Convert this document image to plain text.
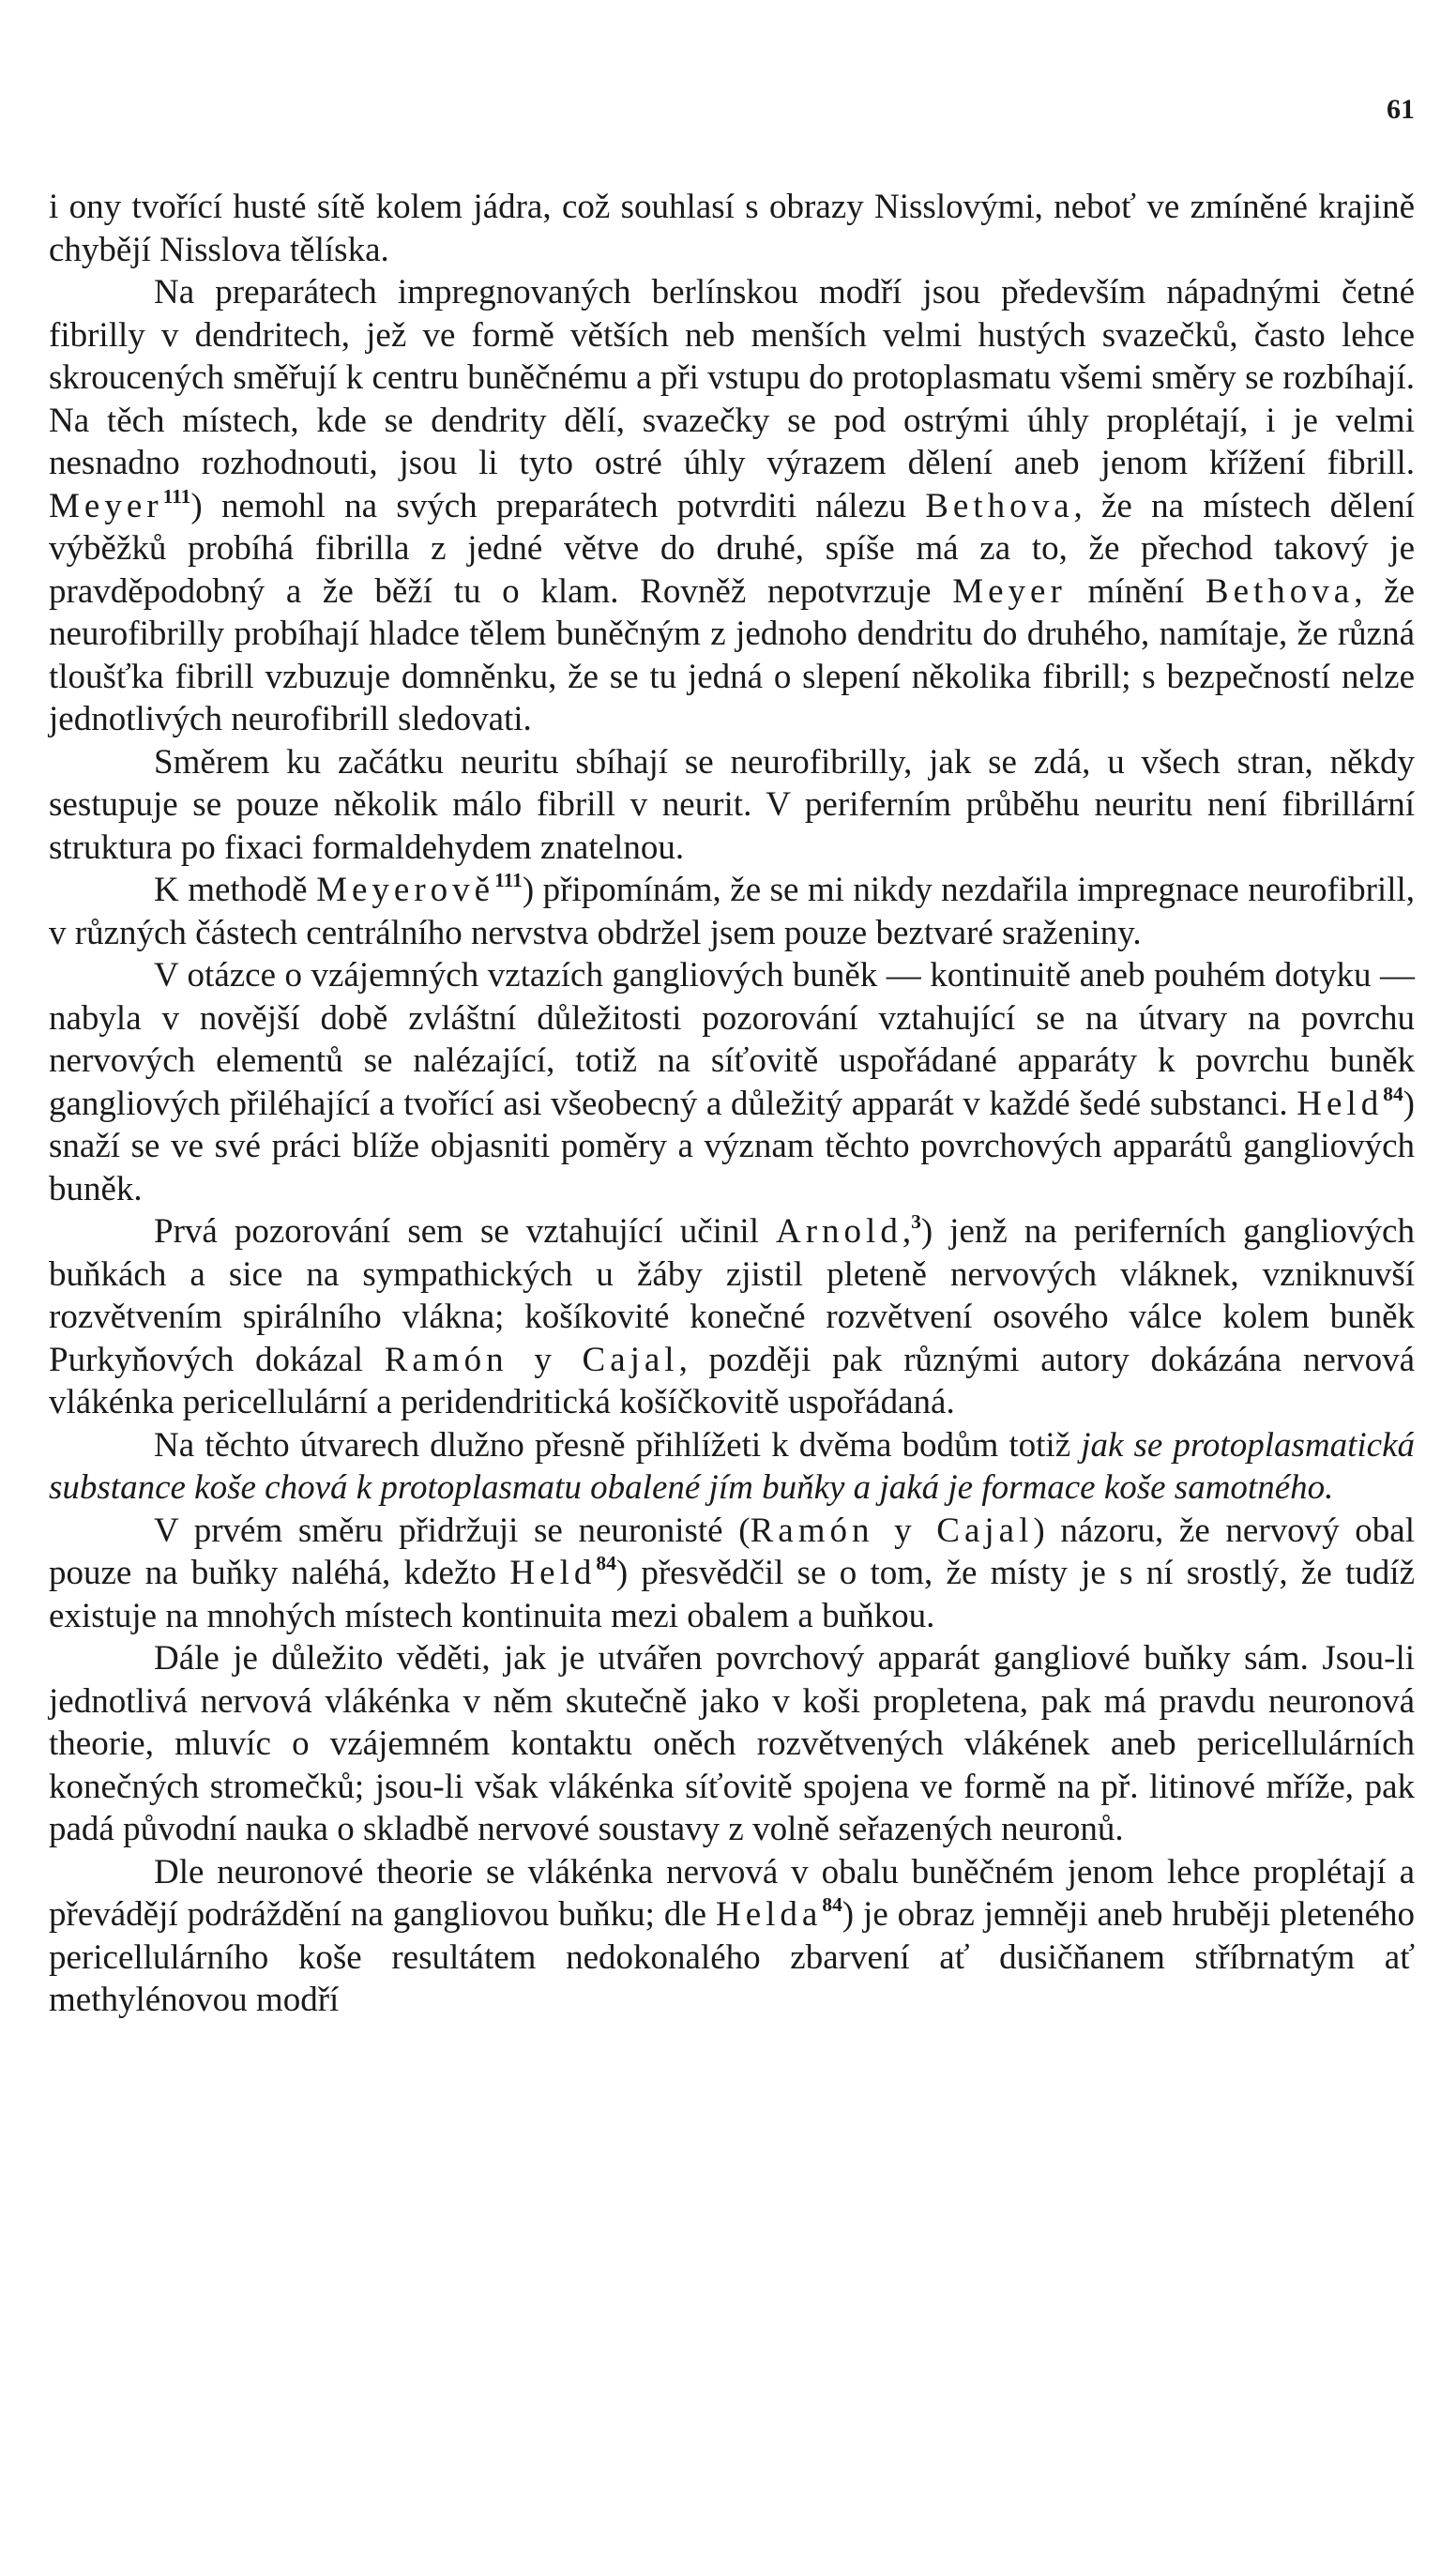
61

i ony tvořící husté sítě kolem jádra, což souhlasí s obrazy Nisslovými, neboť ve zmíněné krajině chybějí Nisslova tělíska.

Na preparátech impregnovaných berlínskou modří jsou především nápadnými četné fibrilly v dendritech, jež ve formě větších neb menších velmi hustých svazečků, často lehce skroucených směřují k centru buněčnému a při vstupu do protoplasmatu všemi směry se rozbíhají. Na těch místech, kde se dendrity dělí, svazečky se pod ostrými úhly proplétají, i je velmi nesnadno rozhodnouti, jsou li tyto ostré úhly výrazem dělení aneb jenom křížení fibrill. Meyer$^{111}$) nemohl na svých preparátech potvrditi nálezu Bethova, že na místech dělení výběžků probíhá fibrilla z jedné větve do druhé, spíše má za to, že přechod takový je pravděpodobný a že běží tu o klam. Rovněž nepotvrzuje Meyer mínění Bethova, že neurofibrilly probíhají hladce tělem buněčným z jednoho dendritu do druhého, namítaje, že různá tloušťka fibrill vzbuzuje domněnku, že se tu jedná o slepení několika fibrill; s bezpečností nelze jednotlivých neurofibrill sledovati.

Směrem ku začátku neuritu sbíhají se neurofibrilly, jak se zdá, u všech stran, někdy sestupuje se pouze několik málo fibrill v neurit. V periferním průběhu neuritu není fibrillární struktura po fixaci formaldehydem znatelnou.

K methodě Meyerově$^{111}$) připomínám, že se mi nikdy nezdařila impregnace neurofibrill, v různých částech centrálního nervstva obdržel jsem pouze beztvaré sraženiny.

V otázce o vzájemných vztazích gangliových buněk — kontinuitě aneb pouhém dotyku — nabyla v novější době zvláštní důležitosti pozorování vztahující se na útvary na povrchu nervových elementů se nalézající, totiž na síťovitě uspořádané apparáty k povrchu buněk gangliových přiléhající a tvořící asi všeobecný a důležitý apparát v každé šedé substanci. Held$^{84}$) snaží se ve své práci blíže objasniti poměry a význam těchto povrchových apparátů gangliových buněk.

Prvá pozorování sem se vztahující učinil Arnold,$^3$) jenž na periferních gangliových buňkách a sice na sympathických u žáby zjistil pleteně nervových vláknek, vzniknuvší rozvětvením spirálního vlákna; košíkovité konečné rozvětvení osového válce kolem buněk Purkyňových dokázal Ramón y Cajal, později pak různými autory dokázána nervová vlákénka pericellulární a peridendritická košíčkovitě uspořádaná.

Na těchto útvarech dlužno přesně přihlížeti k dvěma bodům totiž jak se protoplasmatická substance koše chová k protoplasmatu obalené jím buňky a jaká je formace koše samotného.

V prvém směru přidržuji se neuronisté (Ramón y Cajal) názoru, že nervový obal pouze na buňky naléhá, kdežto Held$^{84}$) přesvědčil se o tom, že místy je s ní srostlý, že tudíž existuje na mnohých místech kontinuita mezi obalem a buňkou.

Dále je důležito věděti, jak je utvářen povrchový apparát gangliové buňky sám. Jsou-li jednotlivá nervová vlákénka v něm skutečně jako v koši propletena, pak má pravdu neuronová theorie, mluvíc o vzájemném kontaktu oněch rozvětvených vlákének aneb pericellulárních konečných stromečků; jsou-li však vlákénka síťovitě spojena ve formě na př. litinové mříže, pak padá původní nauka o skladbě nervové soustavy z volně seřazených neuronů.

Dle neuronové theorie se vlákénka nervová v obalu buněčném jenom lehce proplétají a převádějí podráždění na gangliovou buňku; dle Helda$^{84}$) je obraz jemněji aneb hruběji pleteného pericellulárního koše resultátem nedokonalého zbarvení ať dusičňanem stříbrnatým ať methylénovou modří
